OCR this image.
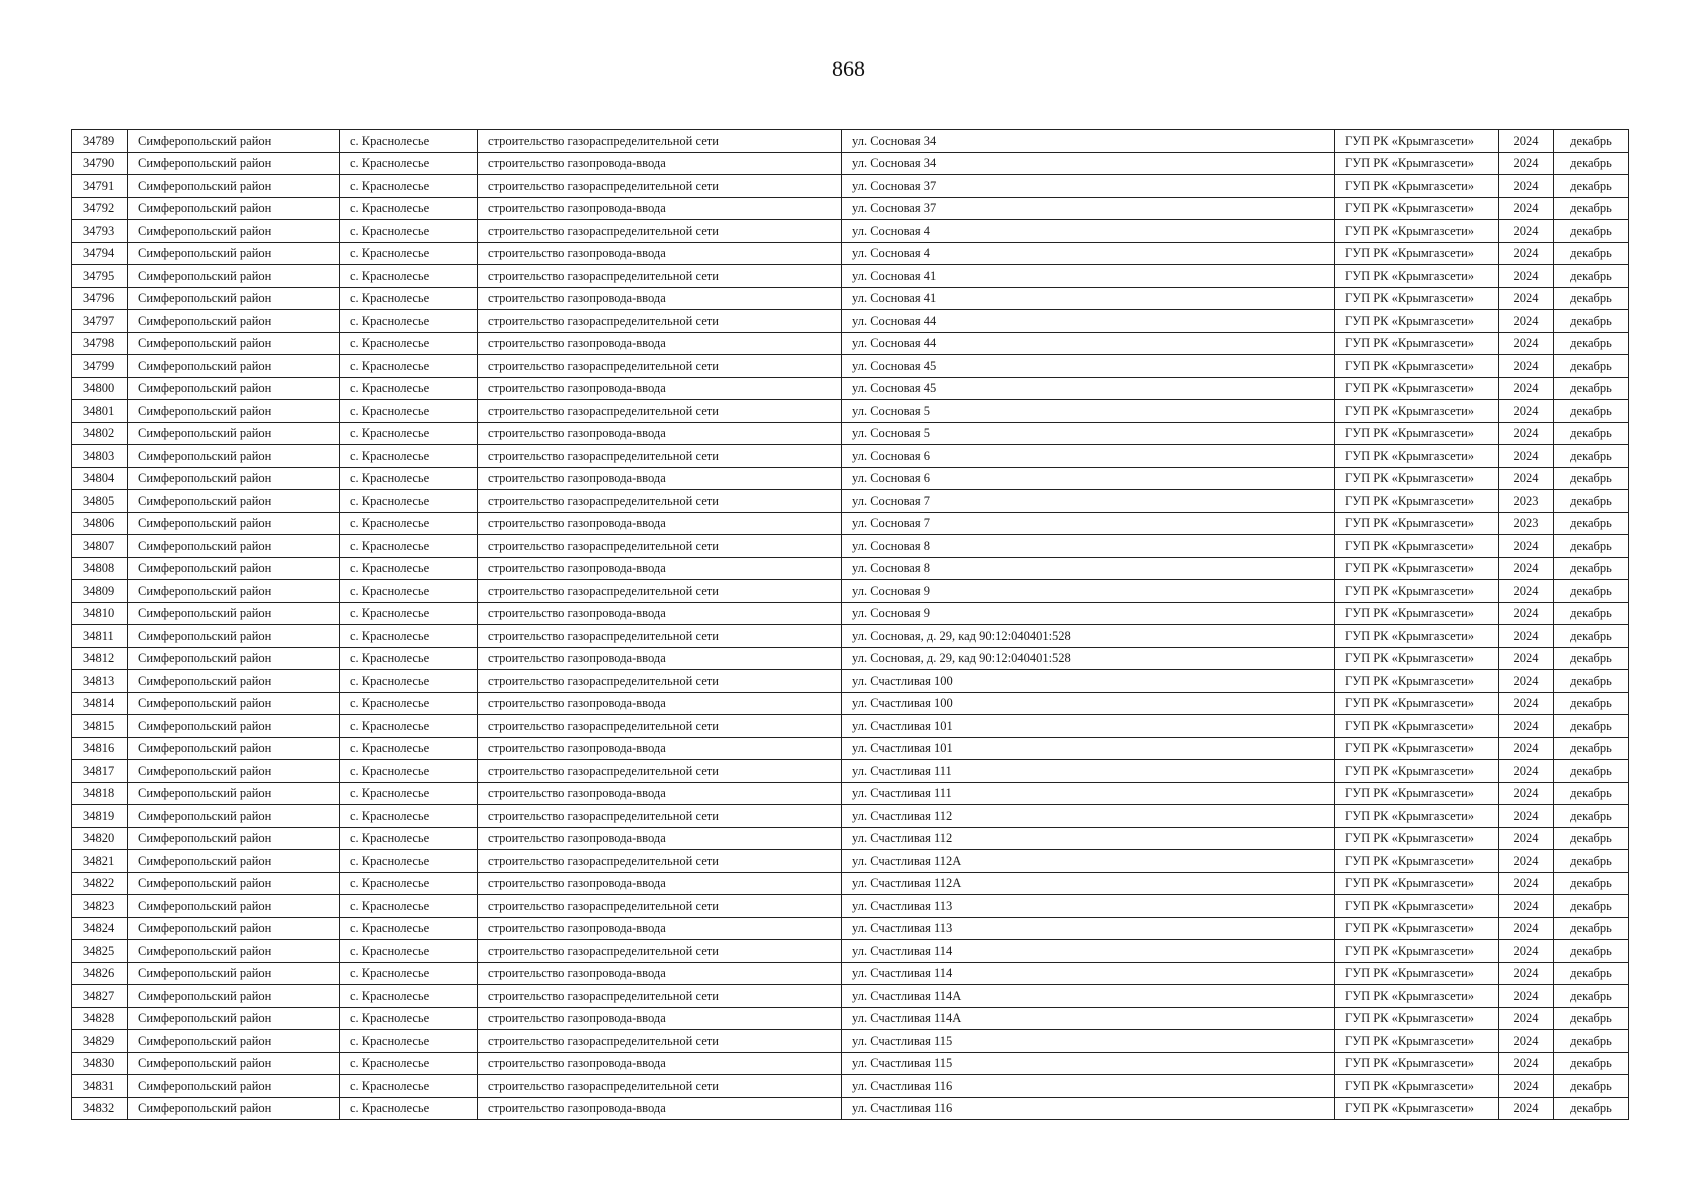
868
34789	Симферопольский район	с. Краснолесье	строительство газораспределительной сети	ул. Сосновая 34	ГУП РК «Крымгазсети»	2024	декабрь
34790	Симферопольский район	с. Краснолесье	строительство газопровода-ввода	ул. Сосновая 34	ГУП РК «Крымгазсети»	2024	декабрь
34791	Симферопольский район	с. Краснолесье	строительство газораспределительной сети	ул. Сосновая 37	ГУП РК «Крымгазсети»	2024	декабрь
34792	Симферопольский район	с. Краснолесье	строительство газопровода-ввода	ул. Сосновая 37	ГУП РК «Крымгазсети»	2024	декабрь
34793	Симферопольский район	с. Краснолесье	строительство газораспределительной сети	ул. Сосновая 4	ГУП РК «Крымгазсети»	2024	декабрь
34794	Симферопольский район	с. Краснолесье	строительство газопровода-ввода	ул. Сосновая 4	ГУП РК «Крымгазсети»	2024	декабрь
34795	Симферопольский район	с. Краснолесье	строительство газораспределительной сети	ул. Сосновая 41	ГУП РК «Крымгазсети»	2024	декабрь
34796	Симферопольский район	с. Краснолесье	строительство газопровода-ввода	ул. Сосновая 41	ГУП РК «Крымгазсети»	2024	декабрь
34797	Симферопольский район	с. Краснолесье	строительство газораспределительной сети	ул. Сосновая 44	ГУП РК «Крымгазсети»	2024	декабрь
34798	Симферопольский район	с. Краснолесье	строительство газопровода-ввода	ул. Сосновая 44	ГУП РК «Крымгазсети»	2024	декабрь
34799	Симферопольский район	с. Краснолесье	строительство газораспределительной сети	ул. Сосновая 45	ГУП РК «Крымгазсети»	2024	декабрь
34800	Симферопольский район	с. Краснолесье	строительство газопровода-ввода	ул. Сосновая 45	ГУП РК «Крымгазсети»	2024	декабрь
34801	Симферопольский район	с. Краснолесье	строительство газораспределительной сети	ул. Сосновая 5	ГУП РК «Крымгазсети»	2024	декабрь
34802	Симферопольский район	с. Краснолесье	строительство газопровода-ввода	ул. Сосновая 5	ГУП РК «Крымгазсети»	2024	декабрь
34803	Симферопольский район	с. Краснолесье	строительство газораспределительной сети	ул. Сосновая 6	ГУП РК «Крымгазсети»	2024	декабрь
34804	Симферопольский район	с. Краснолесье	строительство газопровода-ввода	ул. Сосновая 6	ГУП РК «Крымгазсети»	2024	декабрь
34805	Симферопольский район	с. Краснолесье	строительство газораспределительной сети	ул. Сосновая 7	ГУП РК «Крымгазсети»	2023	декабрь
34806	Симферопольский район	с. Краснолесье	строительство газопровода-ввода	ул. Сосновая 7	ГУП РК «Крымгазсети»	2023	декабрь
34807	Симферопольский район	с. Краснолесье	строительство газораспределительной сети	ул. Сосновая 8	ГУП РК «Крымгазсети»	2024	декабрь
34808	Симферопольский район	с. Краснолесье	строительство газопровода-ввода	ул. Сосновая 8	ГУП РК «Крымгазсети»	2024	декабрь
34809	Симферопольский район	с. Краснолесье	строительство газораспределительной сети	ул. Сосновая 9	ГУП РК «Крымгазсети»	2024	декабрь
34810	Симферопольский район	с. Краснолесье	строительство газопровода-ввода	ул. Сосновая 9	ГУП РК «Крымгазсети»	2024	декабрь
34811	Симферопольский район	с. Краснолесье	строительство газораспределительной сети	ул. Сосновая, д. 29, кад 90:12:040401:528	ГУП РК «Крымгазсети»	2024	декабрь
34812	Симферопольский район	с. Краснолесье	строительство газопровода-ввода	ул. Сосновая, д. 29, кад 90:12:040401:528	ГУП РК «Крымгазсети»	2024	декабрь
34813	Симферопольский район	с. Краснолесье	строительство газораспределительной сети	ул. Счастливая 100	ГУП РК «Крымгазсети»	2024	декабрь
34814	Симферопольский район	с. Краснолесье	строительство газопровода-ввода	ул. Счастливая 100	ГУП РК «Крымгазсети»	2024	декабрь
34815	Симферопольский район	с. Краснолесье	строительство газораспределительной сети	ул. Счастливая 101	ГУП РК «Крымгазсети»	2024	декабрь
34816	Симферопольский район	с. Краснолесье	строительство газопровода-ввода	ул. Счастливая 101	ГУП РК «Крымгазсети»	2024	декабрь
34817	Симферопольский район	с. Краснолесье	строительство газораспределительной сети	ул. Счастливая 111	ГУП РК «Крымгазсети»	2024	декабрь
34818	Симферопольский район	с. Краснолесье	строительство газопровода-ввода	ул. Счастливая 111	ГУП РК «Крымгазсети»	2024	декабрь
34819	Симферопольский район	с. Краснолесье	строительство газораспределительной сети	ул. Счастливая 112	ГУП РК «Крымгазсети»	2024	декабрь
34820	Симферопольский район	с. Краснолесье	строительство газопровода-ввода	ул. Счастливая 112	ГУП РК «Крымгазсети»	2024	декабрь
34821	Симферопольский район	с. Краснолесье	строительство газораспределительной сети	ул. Счастливая 112А	ГУП РК «Крымгазсети»	2024	декабрь
34822	Симферопольский район	с. Краснолесье	строительство газопровода-ввода	ул. Счастливая 112А	ГУП РК «Крымгазсети»	2024	декабрь
34823	Симферопольский район	с. Краснолесье	строительство газораспределительной сети	ул. Счастливая 113	ГУП РК «Крымгазсети»	2024	декабрь
34824	Симферопольский район	с. Краснолесье	строительство газопровода-ввода	ул. Счастливая 113	ГУП РК «Крымгазсети»	2024	декабрь
34825	Симферопольский район	с. Краснолесье	строительство газораспределительной сети	ул. Счастливая 114	ГУП РК «Крымгазсети»	2024	декабрь
34826	Симферопольский район	с. Краснолесье	строительство газопровода-ввода	ул. Счастливая 114	ГУП РК «Крымгазсети»	2024	декабрь
34827	Симферопольский район	с. Краснолесье	строительство газораспределительной сети	ул. Счастливая 114А	ГУП РК «Крымгазсети»	2024	декабрь
34828	Симферопольский район	с. Краснолесье	строительство газопровода-ввода	ул. Счастливая 114А	ГУП РК «Крымгазсети»	2024	декабрь
34829	Симферопольский район	с. Краснолесье	строительство газораспределительной сети	ул. Счастливая 115	ГУП РК «Крымгазсети»	2024	декабрь
34830	Симферопольский район	с. Краснолесье	строительство газопровода-ввода	ул. Счастливая 115	ГУП РК «Крымгазсети»	2024	декабрь
34831	Симферопольский район	с. Краснолесье	строительство газораспределительной сети	ул. Счастливая 116	ГУП РК «Крымгазсети»	2024	декабрь
34832	Симферопольский район	с. Краснолесье	строительство газопровода-ввода	ул. Счастливая 116	ГУП РК «Крымгазсети»	2024	декабрь
